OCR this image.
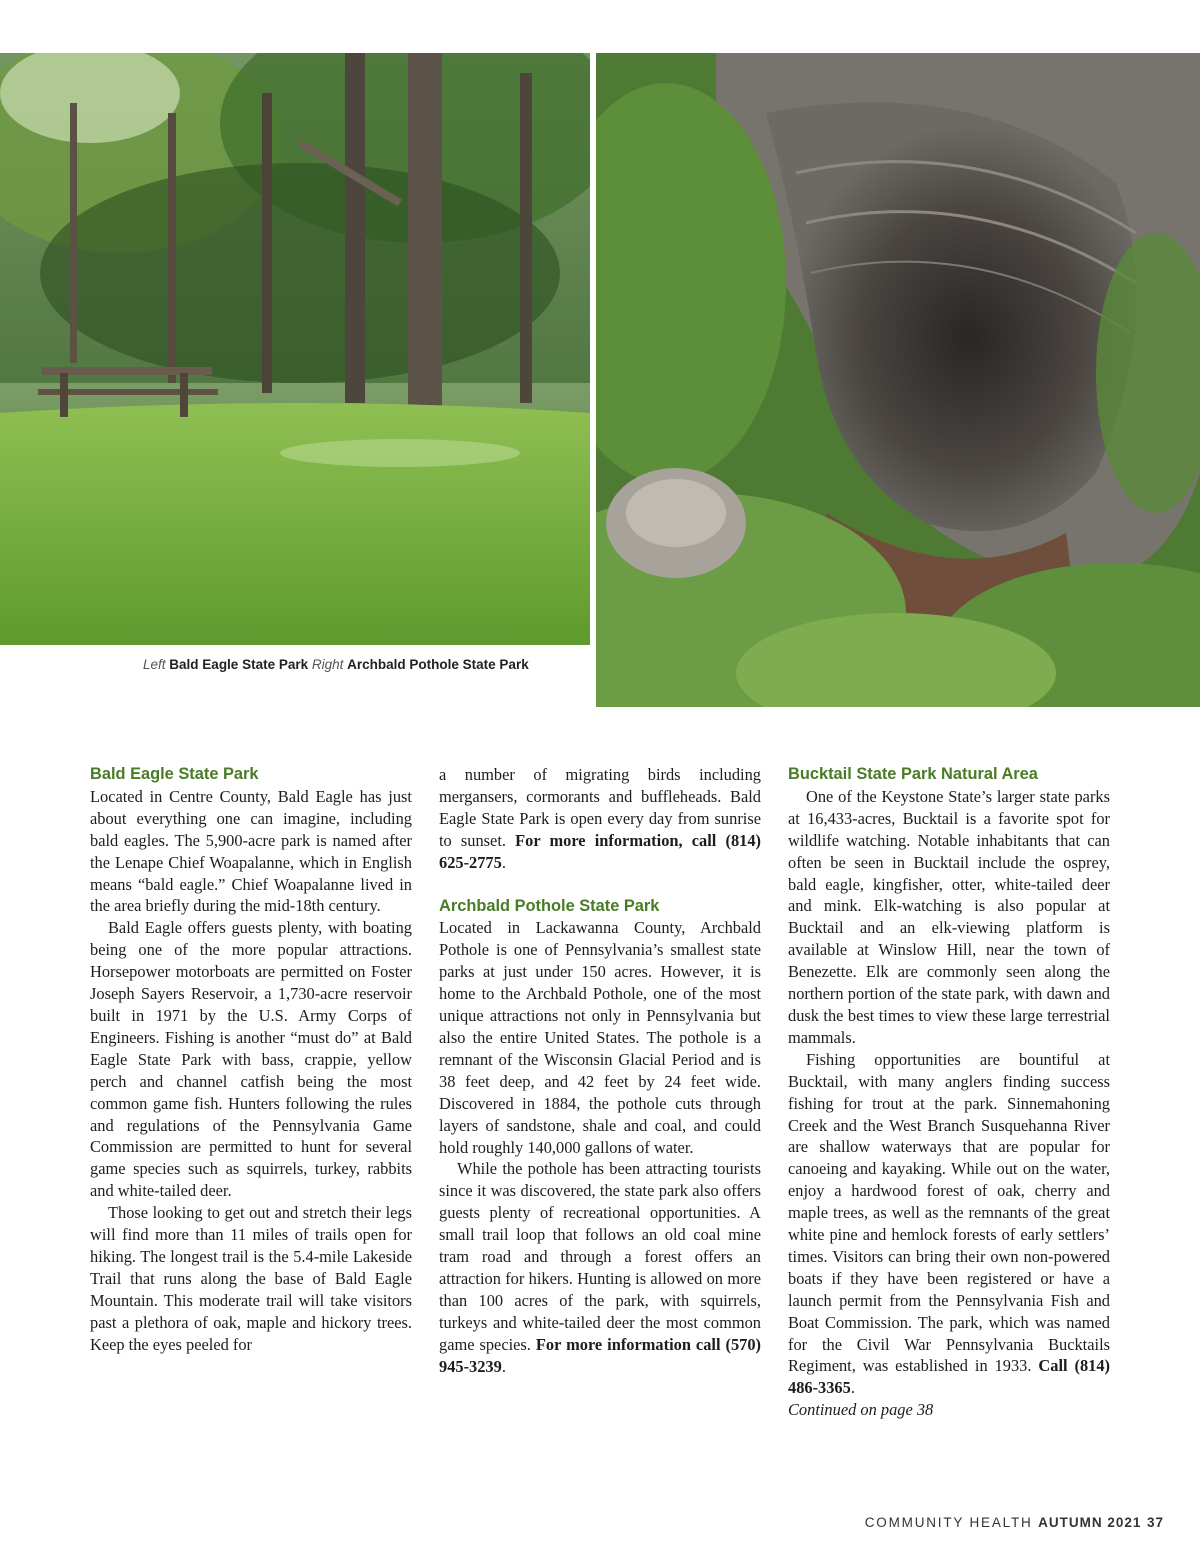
Left Bald Eagle State Park Right Archbald Pothole State Park
Bald Eagle State Park

Located in Centre County, Bald Eagle has just about everything one can imagine, including bald eagles. The 5,900-acre park is named after the Lenape Chief Woapalanne, which in English means “bald eagle.” Chief Woapalanne lived in the area briefly during the mid-18th century.

Bald Eagle offers guests plenty, with boating being one of the more popular attractions. Horsepower motorboats are permitted on Foster Joseph Sayers Reservoir, a 1,730-acre reservoir built in 1971 by the U.S. Army Corps of Engineers. Fishing is another “must do” at Bald Eagle State Park with bass, crappie, yellow perch and channel catfish being the most common game fish. Hunters following the rules and regulations of the Pennsylvania Game Commission are permitted to hunt for several game species such as squirrels, turkey, rabbits and white-tailed deer.

Those looking to get out and stretch their legs will find more than 11 miles of trails open for hiking. The longest trail is the 5.4-mile Lakeside Trail that runs along the base of Bald Eagle Mountain. This moderate trail will take visitors past a plethora of oak, maple and hickory trees. Keep the eyes peeled for

a number of migrating birds including mergansers, cormorants and buffleheads. Bald Eagle State Park is open every day from sunrise to sunset. For more information, call (814) 625-2775.

Archbald Pothole State Park

Located in Lackawanna County, Archbald Pothole is one of Pennsylvania’s smallest state parks at just under 150 acres. However, it is home to the Archbald Pothole, one of the most unique attractions not only in Pennsylvania but also the entire United States. The pothole is a remnant of the Wisconsin Glacial Period and is 38 feet deep, and 42 feet by 24 feet wide. Discovered in 1884, the pothole cuts through layers of sandstone, shale and coal, and could hold roughly 140,000 gallons of water.

While the pothole has been attracting tourists since it was discovered, the state park also offers guests plenty of recreational opportunities. A small trail loop that follows an old coal mine tram road and through a forest offers an attraction for hikers. Hunting is allowed on more than 100 acres of the park, with squirrels, turkeys and white-tailed deer the most common game species. For more information call (570) 945-3239.

Bucktail State Park Natural Area

One of the Keystone State’s larger state parks at 16,433-acres, Bucktail is a favorite spot for wildlife watching. Notable inhabitants that can often be seen in Bucktail include the osprey, bald eagle, kingfisher, otter, white-tailed deer and mink. Elk-watching is also popular at Bucktail and an elk-viewing platform is available at Winslow Hill, near the town of Benezette. Elk are commonly seen along the northern portion of the state park, with dawn and dusk the best times to view these large terrestrial mammals.

Fishing opportunities are bountiful at Bucktail, with many anglers finding success fishing for trout at the park. Sinnemahoning Creek and the West Branch Susquehanna River are shallow waterways that are popular for canoeing and kayaking. While out on the water, enjoy a hardwood forest of oak, cherry and maple trees, as well as the remnants of the great white pine and hemlock forests of early settlers’ times. Visitors can bring their own non-powered boats if they have been registered or have a launch permit from the Pennsylvania Fish and Boat Commission. The park, which was named for the Civil War Pennsylvania Bucktails Regiment, was established in 1933. Call (814) 486-3365.

Continued on page 38

COMMUNITY HEALTH AUTUMN 2021 37
